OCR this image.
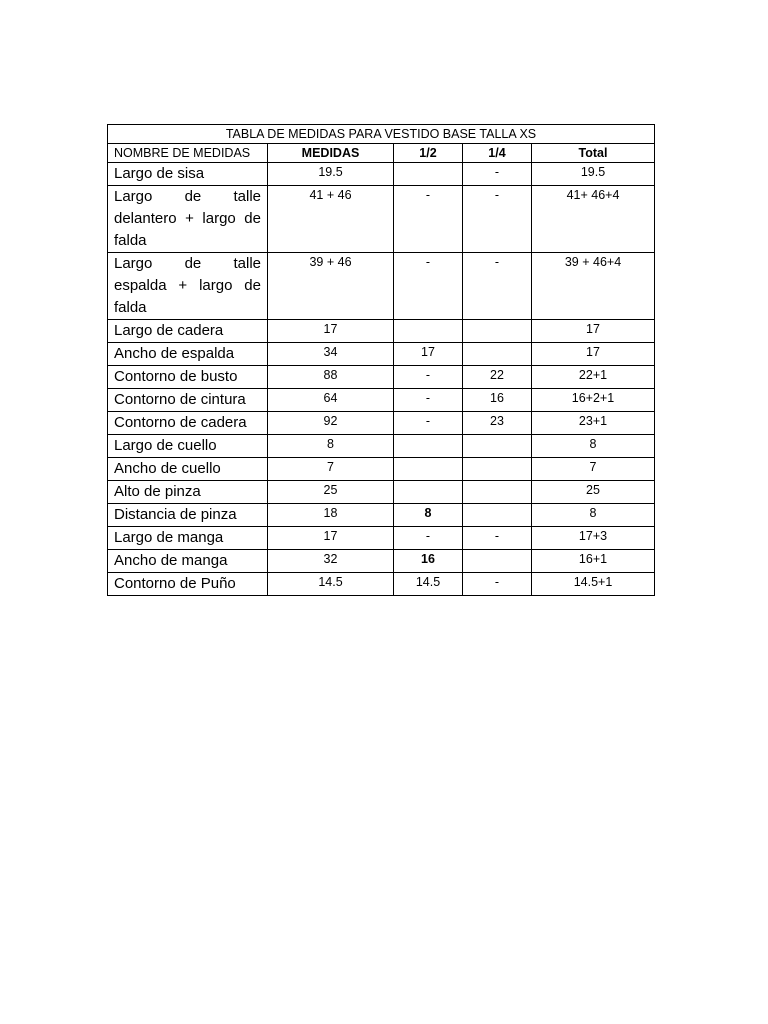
TABLA DE MEDIDAS PARA VESTIDO BASE TALLA XS				
NOMBRE DE MEDIDAS	MEDIDAS	1/2	1/4	Total
Largo de sisa	19.5		-	19.5
Largo de talle delantero + largo de falda	41 + 46	-	-	41+ 46+4
Largo de talle espalda + largo de falda	39 + 46	-	-	39 + 46+4
Largo de cadera	17			17
Ancho de espalda	34	17		17
Contorno de busto	88	-	22	22+1
Contorno de cintura	64	-	16	16+2+1
Contorno de cadera	92	-	23	23+1
Largo de cuello	8			8
Ancho de cuello	7			7
Alto de pinza	25			25
Distancia de pinza	18	8		8
Largo de manga	17	-	-	17+3
Ancho de manga	32	16		16+1
Contorno de Puño	14.5	14.5	-	14.5+1
